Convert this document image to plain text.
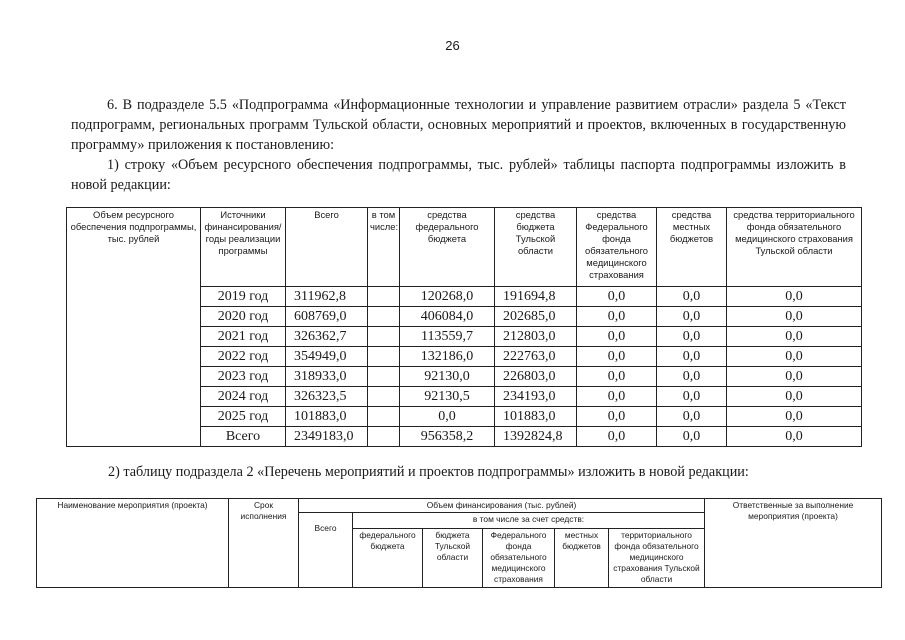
26
6. В подразделе 5.5 «Подпрограмма «Информационные технологии и управление развитием отрасли» раздела 5 «Текст подпрограмм, региональных программ Тульской области, основных мероприятий и проектов, включенных в государственную программу» приложения к постановлению:
1) строку «Объем ресурсного обеспечения подпрограммы, тыс. рублей» таблицы паспорта подпрограммы изложить в новой редакции:
Объем ресурсного обеспечения подпрограммы, тыс. рублей	Источники финансирования/ годы реализации программы	Всего	в том числе:	средства федерального бюджета	средства бюджета Тульской области	средства Федерального фонда обязательного медицинского страхования	средства местных бюджетов	средства территориального фонда обязательного медицинского страхования Тульской области
	2019 год	311962,8		120268,0	191694,8	0,0	0,0	0,0
	2020 год	608769,0		406084,0	202685,0	0,0	0,0	0,0
	2021 год	326362,7		113559,7	212803,0	0,0	0,0	0,0
	2022 год	354949,0		132186,0	222763,0	0,0	0,0	0,0
	2023 год	318933,0		92130,0	226803,0	0,0	0,0	0,0
	2024 год	326323,5		92130,5	234193,0	0,0	0,0	0,0
	2025 год	101883,0		0,0	101883,0	0,0	0,0	0,0
	Всего	2349183,0		956358,2	1392824,8	0,0	0,0	0,0
2) таблицу подраздела 2 «Перечень мероприятий и проектов подпрограммы» изложить в новой редакции:
Наименование мероприятия (проекта)	Срок исполнения	Объем финансирования (тыс. рублей)						Ответственные за выполнение мероприятия (проекта)
		Всего	в том числе за счет средств:					
			федерального бюджета	бюджета Тульской области	Федерального фонда обязательного медицинского страхования	местных бюджетов	территориального фонда обязательного медицинского страхования Тульской области	
